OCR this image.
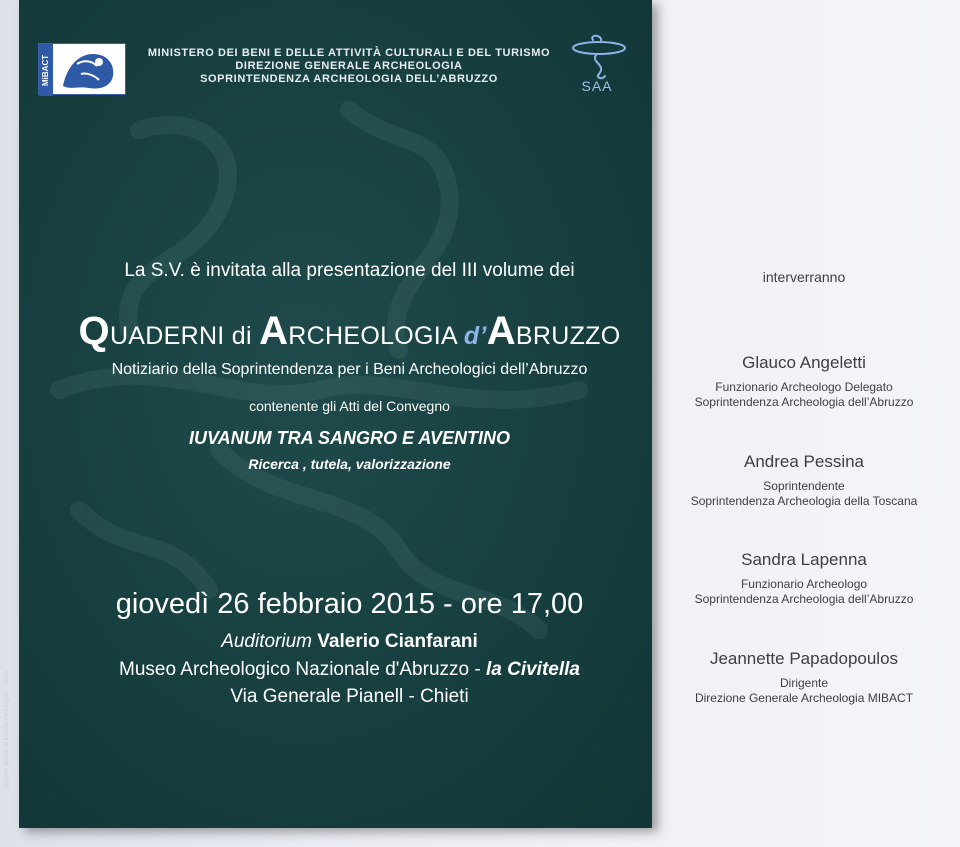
MiBACT
MINISTERO DEI BENI E DELLE ATTIVITÀ CULTURALI E DEL TURISMO
DIREZIONE GENERALE ARCHEOLOGIA
SOPRINTENDENZA ARCHEOLOGIA DELL’ABRUZZO	SAA
La S.V. è invitata alla presentazione del III volume dei
QUADERNI di ARCHEOLOGIA d’ABRUZZO
Notiziario della Soprintendenza per i Beni Archeologici dell’Abruzzo
contenente gli Atti del Convegno
IUVANUM TRA SANGRO E AVENTINO
Ricerca , tutela, valorizzazione
giovedì 26 febbraio 2015 - ore 17,00
Auditorium Valerio Cianfarani
Museo Archeologico Nazionale d'Abruzzo - la Civitella
Via Generale Pianell - Chieti
interverranno
Glauco Angeletti
Funzionario Archeologo Delegato
Soprintendenza Archeologia dell’Abruzzo
Andrea Pessina
Soprintendente
Soprintendenza Archeologia della Toscana
Sandra Lapenna
Funzionario Archeologo
Soprintendenza Archeologia dell’Abruzzo
Jeannette Papadopoulos
Dirigente
Direzione Generale Archeologia MIBACT
